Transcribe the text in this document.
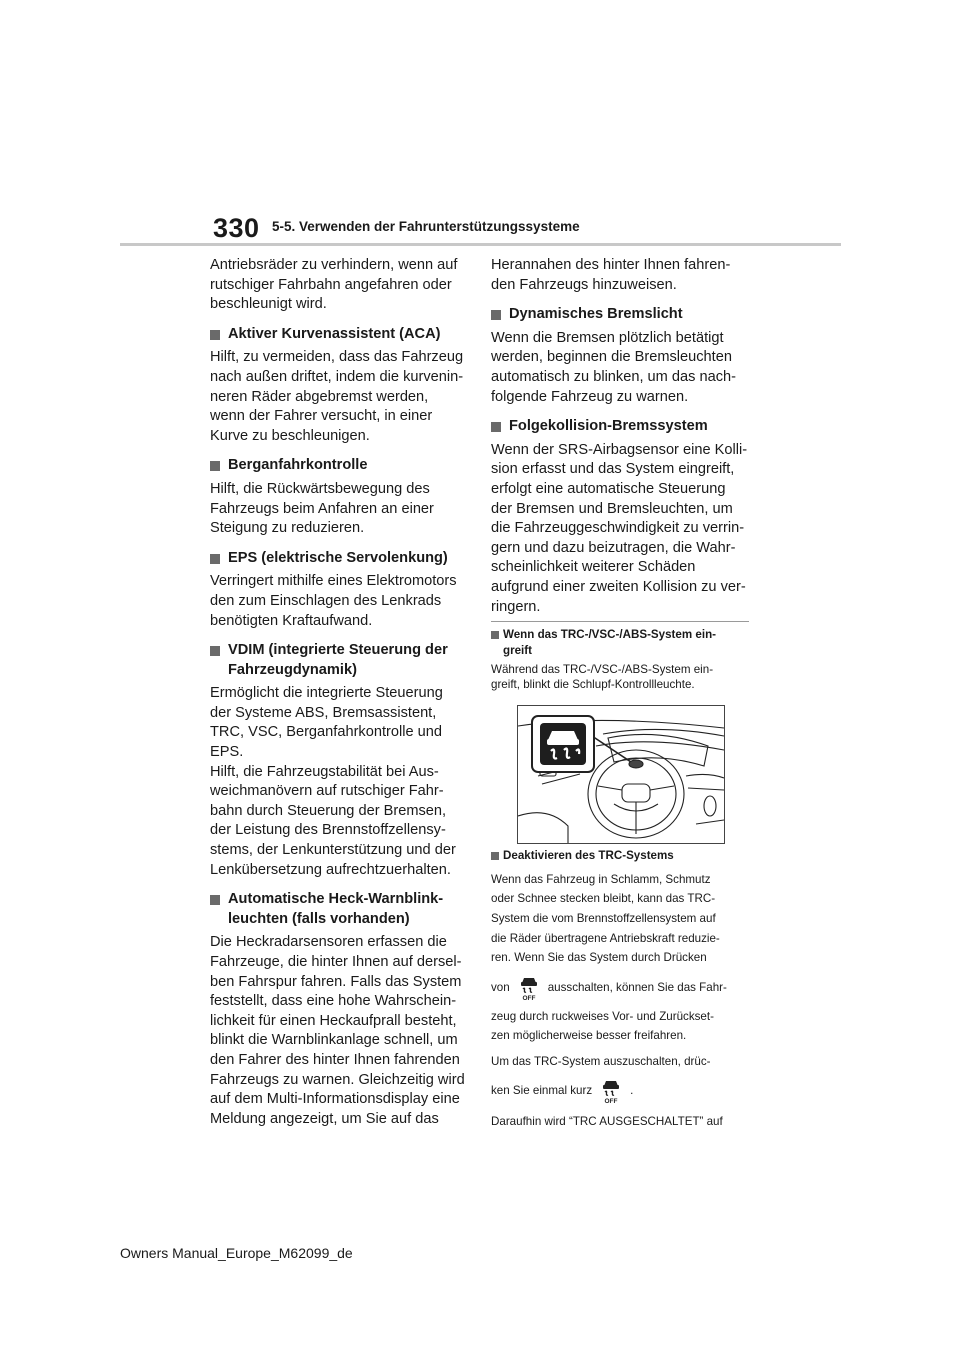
330 5-5. Verwenden der Fahrunterstützungssysteme

Antriebsräder zu verhindern, wenn auf

rutschiger Fahrbahn angefahren oder

beschleunigt wird.

Aktiver Kurvenassistent (ACA)

Hilft, zu vermeiden, dass das Fahrzeug

nach außen driftet, indem die kurvenin-

neren Räder abgebremst werden,

wenn der Fahrer versucht, in einer

Kurve zu beschleunigen.

Berganfahrkontrolle

Hilft, die Rückwärtsbewegung des

Fahrzeugs beim Anfahren an einer

Steigung zu reduzieren.

EPS (elektrische Servolenkung)

Verringert mithilfe eines Elektromotors

den zum Einschlagen des Lenkrads

benötigten Kraftaufwand.

VDIM (integrierte Steuerung der
Fahrzeugdynamik)

Ermöglicht die integrierte Steuerung

der Systeme ABS, Bremsassistent,

TRC, VSC, Berganfahrkontrolle und

EPS.

Hilft, die Fahrzeugstabilität bei Aus-

weichmanövern auf rutschiger Fahr-

bahn durch Steuerung der Bremsen,

der Leistung des Brennstoffzellensy-

stems, der Lenkunterstützung und der

Lenkübersetzung aufrechtzuerhalten.

Automatische Heck-Warnblink-
leuchten (falls vorhanden)

Die Heckradarsensoren erfassen die

Fahrzeuge, die hinter Ihnen auf dersel-

ben Fahrspur fahren. Falls das System

feststellt, dass eine hohe Wahrschein-

lichkeit für einen Heckaufprall besteht,

blinkt die Warnblinkanlage schnell, um

den Fahrer des hinter Ihnen fahrenden

Fahrzeugs zu warnen. Gleichzeitig wird

auf dem Multi-Informationsdisplay eine

Meldung angezeigt, um Sie auf das

Herannahen des hinter Ihnen fahren-

den Fahrzeugs hinzuweisen.

Dynamisches Bremslicht

Wenn die Bremsen plötzlich betätigt

werden, beginnen die Bremsleuchten

automatisch zu blinken, um das nach-

folgende Fahrzeug zu warnen.

Folgekollision-Bremssystem

Wenn der SRS-Airbagsensor eine Kolli-

sion erfasst und das System eingreift,

erfolgt eine automatische Steuerung

der Bremsen und Bremsleuchten, um

die Fahrzeuggeschwindigkeit zu verrin-

gern und dazu beizutragen, die Wahr-

scheinlichkeit weiterer Schäden

aufgrund einer zweiten Kollision zu ver-

ringern.

Wenn das TRC-/VSC-/ABS-System ein-
greift
Während das TRC-/VSC-/ABS-System ein-
greift, blinkt die Schlupf-Kontrollleuchte.
Deaktivieren des TRC-Systems
Wenn das Fahrzeug in Schlamm, Schmutz
oder Schnee stecken bleibt, kann das TRC-
System die vom Brennstoffzellensystem auf
die Räder übertragene Antriebskraft reduzie-
ren. Wenn Sie das System durch Drücken
von
OFF
ausschalten, können Sie das Fahr-
zeug durch ruckweises Vor- und Zurückset-
zen möglicherweise besser freifahren.
Um das TRC-System auszuschalten, drüc-
ken Sie einmal kurz
OFF
.
Daraufhin wird “TRC AUSGESCHALTET” auf
Owners Manual_Europe_M62099_de
